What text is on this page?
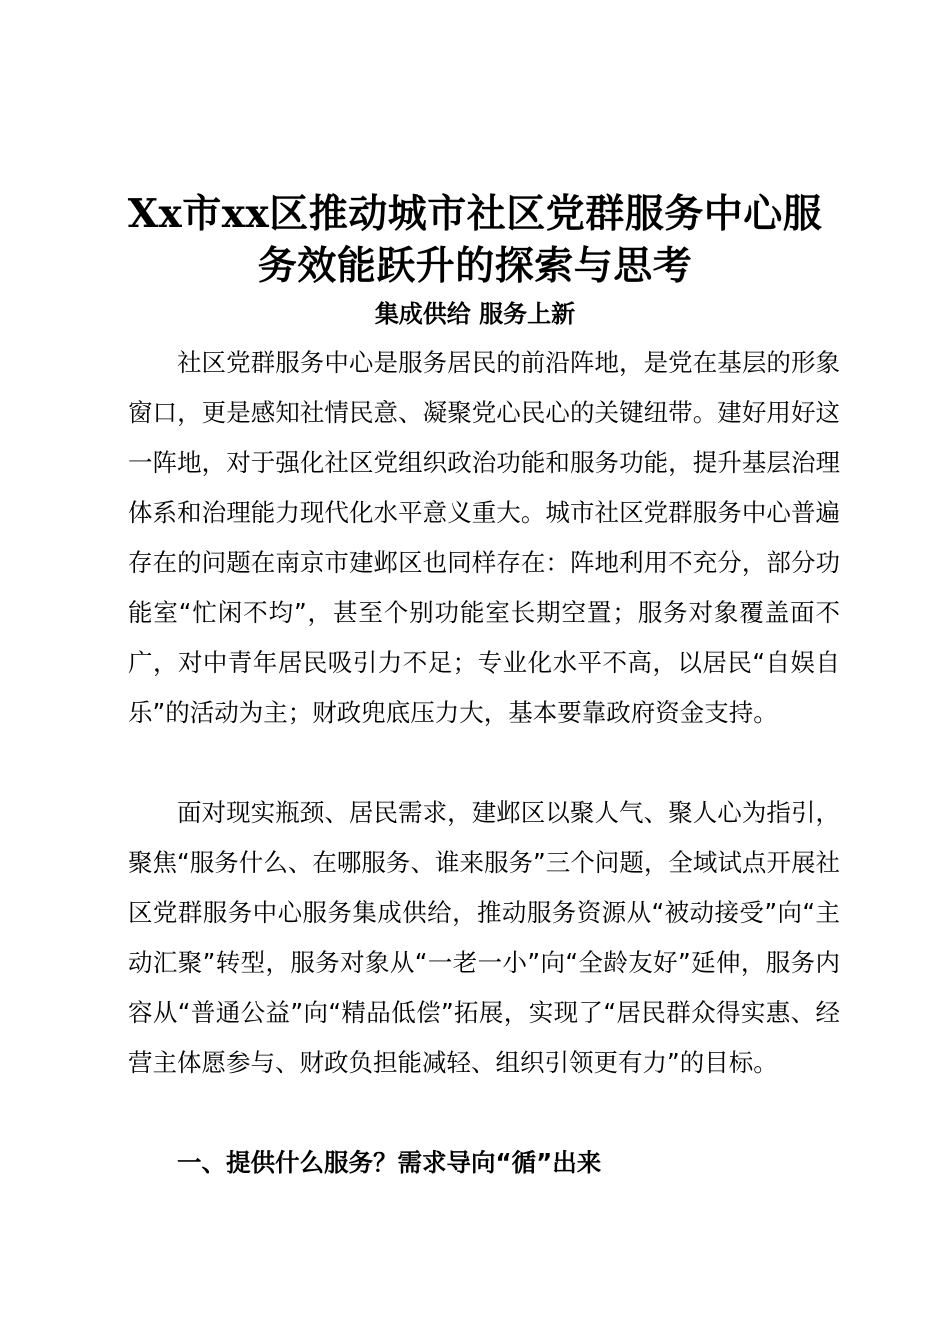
Xx市xx区推动城市社区党群服务中心服
务效能跃升的探索与思考
集成供给 服务上新

社区党群服务中心是服务居民的前沿阵地，是党在基层的形象窗口，更是感知社情民意、凝聚党心民心的关键纽带。建好用好这一阵地，对于强化社区党组织政治功能和服务功能，提升基层治理体系和治理能力现代化水平意义重大。城市社区党群服务中心普遍存在的问题在南京市建邺区也同样存在：阵地利用不充分，部分功能室“忙闲不均”，甚至个别功能室长期空置；服务对象覆盖面不广，对中青年居民吸引力不足；专业化水平不高，以居民“自娱自乐”的活动为主；财政兜底压力大，基本要靠政府资金支持。

面对现实瓶颈、居民需求，建邺区以聚人气、聚人心为指引，聚焦“服务什么、在哪服务、谁来服务”三个问题，全域试点开展社区党群服务中心服务集成供给，推动服务资源从“被动接受”向“主动汇聚”转型，服务对象从“一老一小”向“全龄友好”延伸，服务内容从“普通公益”向“精品低偿”拓展，实现了“居民群众得实惠、经营主体愿参与、财政负担能减轻、组织引领更有力”的目标。

一、提供什么服务？需求导向“循”出来
